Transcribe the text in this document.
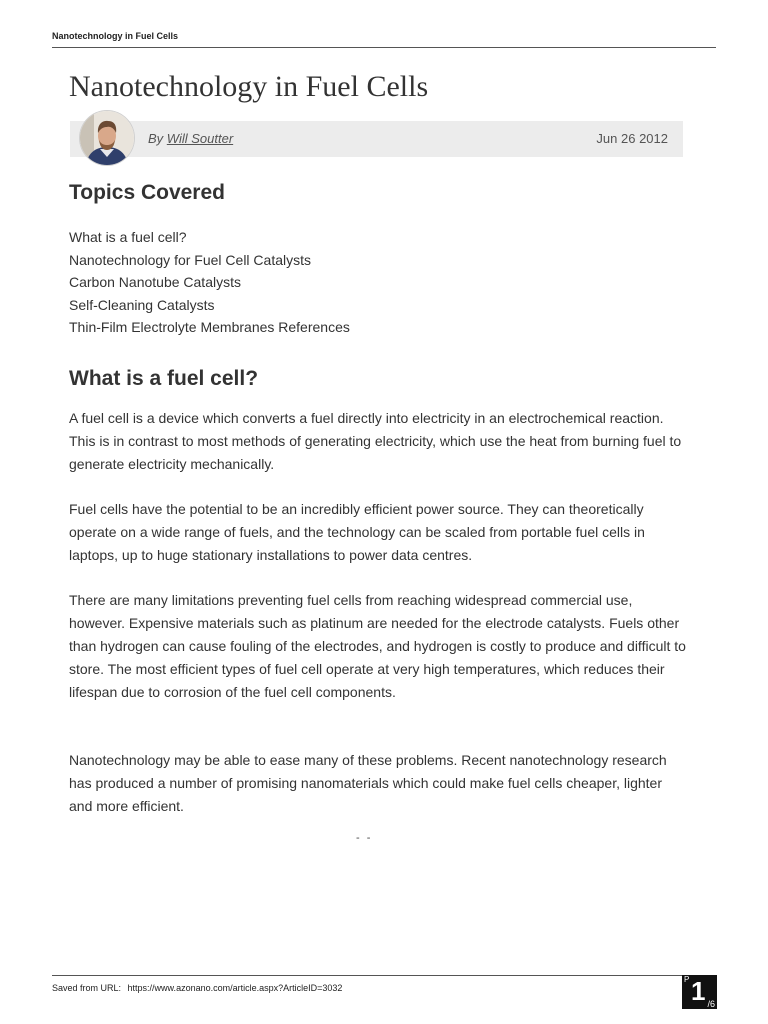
Nanotechnology in Fuel Cells
Nanotechnology in Fuel Cells
By Will Soutter	Jun 26 2012
Topics Covered
What is a fuel cell?
Nanotechnology for Fuel Cell Catalysts
Carbon Nanotube Catalysts
Self-Cleaning Catalysts
Thin-Film Electrolyte Membranes References
What is a fuel cell?

A fuel cell is a device which converts a fuel directly into electricity in an electrochemical reaction. This is in contrast to most methods of generating electricity, which use the heat from burning fuel to generate electricity mechanically.

Fuel cells have the potential to be an incredibly efficient power source. They can theoretically operate on a wide range of fuels, and the technology can be scaled from portable fuel cells in laptops, up to huge stationary installations to power data centres.

There are many limitations preventing fuel cells from reaching widespread commercial use, however. Expensive materials such as platinum are needed for the electrode catalysts. Fuels other than hydrogen can cause fouling of the electrodes, and hydrogen is costly to produce and difficult to store. The most efficient types of fuel cell operate at very high temperatures, which reduces their lifespan due to corrosion of the fuel cell components.

Nanotechnology may be able to ease many of these problems. Recent nanotechnology research has produced a number of promising nanomaterials which could make fuel cells cheaper, lighter and more efficient.

- -
Saved from URL: https://www.azonano.com/article.aspx?ArticleID=3032
P 1 /6
